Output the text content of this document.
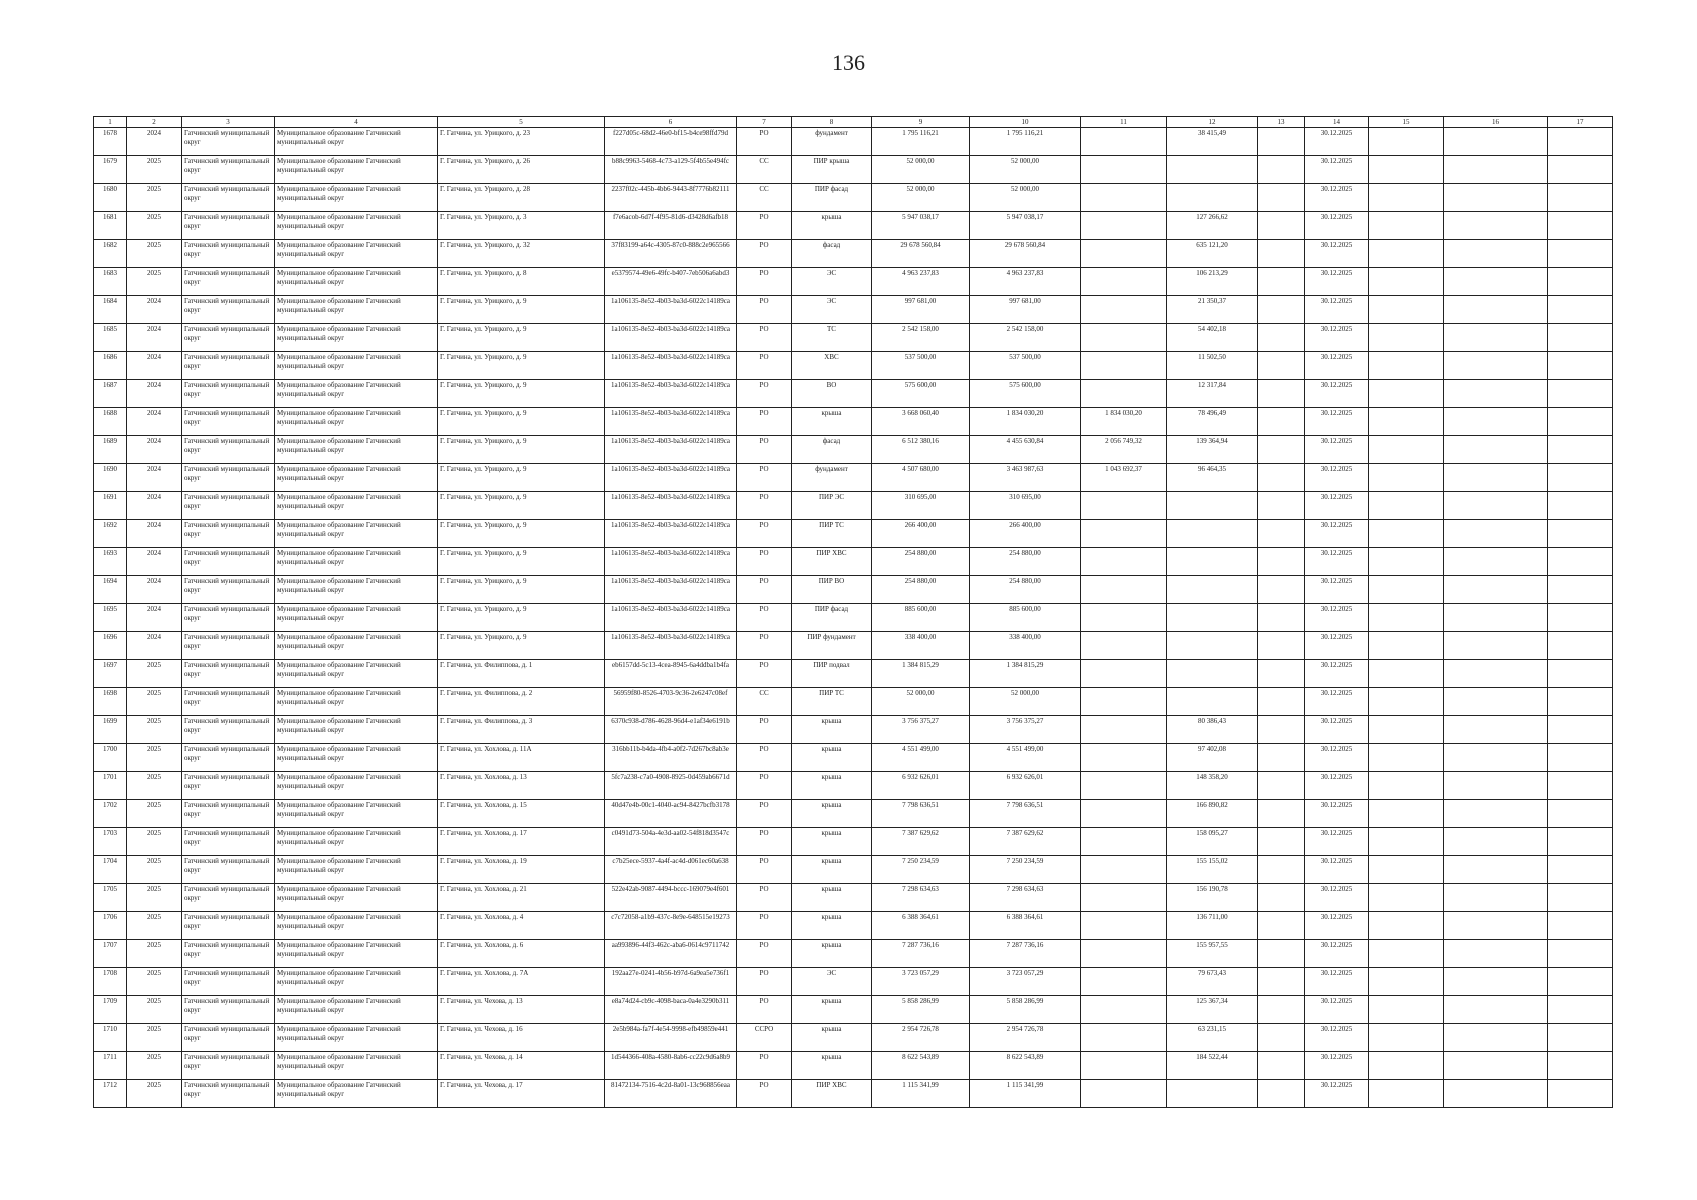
136
1	2	3	4	5	6	7	8	9	10	11	12	13	14	15	16	17
1678	2024	Гатчинский муниципальный округ	Муниципальное образование Гатчинский муниципальный округ	Г. Гатчина, ул. Урицкого, д. 23	f227d05c-68d2-46e0-bf15-b4ce98ffd79d	РО	фундамент	1 795 116,21	1 795 116,21		38 415,49		30.12.2025			
1679	2025	Гатчинский муниципальный округ	Муниципальное образование Гатчинский муниципальный округ	Г. Гатчина, ул. Урицкого, д. 26	b88c9963-5468-4c73-a129-5f4b55e494fc	СС	ПИР крыша	52 000,00	52 000,00				30.12.2025			
1680	2025	Гатчинский муниципальный округ	Муниципальное образование Гатчинский муниципальный округ	Г. Гатчина, ул. Урицкого, д. 28	2237f02c-445b-4bb6-9443-8f7776b82111	СС	ПИР фасад	52 000,00	52 000,00				30.12.2025			
1681	2025	Гатчинский муниципальный округ	Муниципальное образование Гатчинский муниципальный округ	Г. Гатчина, ул. Урицкого, д. 3	f7e6acob-6d7f-4f95-81d6-d3428d6afb18	РО	крыша	5 947 038,17	5 947 038,17		127 266,62		30.12.2025			
1682	2025	Гатчинский муниципальный округ	Муниципальное образование Гатчинский муниципальный округ	Г. Гатчина, ул. Урицкого, д. 32	37f83199-a64c-4305-87c0-888c2e965566	РО	фасад	29 678 560,84	29 678 560,84		635 121,20		30.12.2025			
1683	2025	Гатчинский муниципальный округ	Муниципальное образование Гатчинский муниципальный округ	Г. Гатчина, ул. Урицкого, д. 8	e5379574-49e6-49fc-b407-7eb506a6abd3	РО	ЭС	4 963 237,83	4 963 237,83		106 213,29		30.12.2025			
1684	2024	Гатчинский муниципальный округ	Муниципальное образование Гатчинский муниципальный округ	Г. Гатчина, ул. Урицкого, д. 9	1a106135-8e52-4b03-ba3d-6022c14189ca	РО	ЭС	997 681,00	997 681,00		21 350,37		30.12.2025			
1685	2024	Гатчинский муниципальный округ	Муниципальное образование Гатчинский муниципальный округ	Г. Гатчина, ул. Урицкого, д. 9	1a106135-8e52-4b03-ba3d-6022c14189ca	РО	ТС	2 542 158,00	2 542 158,00		54 402,18		30.12.2025			
1686	2024	Гатчинский муниципальный округ	Муниципальное образование Гатчинский муниципальный округ	Г. Гатчина, ул. Урицкого, д. 9	1a106135-8e52-4b03-ba3d-6022c14189ca	РО	ХВС	537 500,00	537 500,00		11 502,50		30.12.2025			
1687	2024	Гатчинский муниципальный округ	Муниципальное образование Гатчинский муниципальный округ	Г. Гатчина, ул. Урицкого, д. 9	1a106135-8e52-4b03-ba3d-6022c14189ca	РО	ВО	575 600,00	575 600,00		12 317,84		30.12.2025			
1688	2024	Гатчинский муниципальный округ	Муниципальное образование Гатчинский муниципальный округ	Г. Гатчина, ул. Урицкого, д. 9	1a106135-8e52-4b03-ba3d-6022c14189ca	РО	крыша	3 668 060,40	1 834 030,20	1 834 030,20	78 496,49		30.12.2025			
1689	2024	Гатчинский муниципальный округ	Муниципальное образование Гатчинский муниципальный округ	Г. Гатчина, ул. Урицкого, д. 9	1a106135-8e52-4b03-ba3d-6022c14189ca	РО	фасад	6 512 380,16	4 455 630,84	2 056 749,32	139 364,94		30.12.2025			
1690	2024	Гатчинский муниципальный округ	Муниципальное образование Гатчинский муниципальный округ	Г. Гатчина, ул. Урицкого, д. 9	1a106135-8e52-4b03-ba3d-6022c14189ca	РО	фундамент	4 507 680,00	3 463 987,63	1 043 692,37	96 464,35		30.12.2025			
1691	2024	Гатчинский муниципальный округ	Муниципальное образование Гатчинский муниципальный округ	Г. Гатчина, ул. Урицкого, д. 9	1a106135-8e52-4b03-ba3d-6022c14189ca	РО	ПИР ЭС	310 695,00	310 695,00				30.12.2025			
1692	2024	Гатчинский муниципальный округ	Муниципальное образование Гатчинский муниципальный округ	Г. Гатчина, ул. Урицкого, д. 9	1a106135-8e52-4b03-ba3d-6022c14189ca	РО	ПИР ТС	266 400,00	266 400,00				30.12.2025			
1693	2024	Гатчинский муниципальный округ	Муниципальное образование Гатчинский муниципальный округ	Г. Гатчина, ул. Урицкого, д. 9	1a106135-8e52-4b03-ba3d-6022c14189ca	РО	ПИР ХВС	254 880,00	254 880,00				30.12.2025			
1694	2024	Гатчинский муниципальный округ	Муниципальное образование Гатчинский муниципальный округ	Г. Гатчина, ул. Урицкого, д. 9	1a106135-8e52-4b03-ba3d-6022c14189ca	РО	ПИР ВО	254 880,00	254 880,00				30.12.2025			
1695	2024	Гатчинский муниципальный округ	Муниципальное образование Гатчинский муниципальный округ	Г. Гатчина, ул. Урицкого, д. 9	1a106135-8e52-4b03-ba3d-6022c14189ca	РО	ПИР фасад	885 600,00	885 600,00				30.12.2025			
1696	2024	Гатчинский муниципальный округ	Муниципальное образование Гатчинский муниципальный округ	Г. Гатчина, ул. Урицкого, д. 9	1a106135-8e52-4b03-ba3d-6022c14189ca	РО	ПИР фундамент	338 400,00	338 400,00				30.12.2025			
1697	2025	Гатчинский муниципальный округ	Муниципальное образование Гатчинский муниципальный округ	Г. Гатчина, ул. Филиппова, д. 1	eb6157dd-5c13-4cea-8945-6a4ddba1b4fa	РО	ПИР подвал	1 384 815,29	1 384 815,29				30.12.2025			
1698	2025	Гатчинский муниципальный округ	Муниципальное образование Гатчинский муниципальный округ	Г. Гатчина, ул. Филиппова, д. 2	56959f80-8526-4703-9c36-2e6247c08ef	СС	ПИР ТС	52 000,00	52 000,00				30.12.2025			
1699	2025	Гатчинский муниципальный округ	Муниципальное образование Гатчинский муниципальный округ	Г. Гатчина, ул. Филиппова, д. 3	6370c938-d786-4628-96d4-e1af34e6191b	РО	крыша	3 756 375,27	3 756 375,27		80 386,43		30.12.2025			
1700	2025	Гатчинский муниципальный округ	Муниципальное образование Гатчинский муниципальный округ	Г. Гатчина, ул. Хохлова, д. 11А	316bb11b-b4da-4fb4-a0f2-7d267bc8ab3e	РО	крыша	4 551 499,00	4 551 499,00		97 402,08		30.12.2025			
1701	2025	Гатчинский муниципальный округ	Муниципальное образование Гатчинский муниципальный округ	Г. Гатчина, ул. Хохлова, д. 13	5fc7a238-c7a0-4908-8925-0d459ab6671d	РО	крыша	6 932 626,01	6 932 626,01		148 358,20		30.12.2025			
1702	2025	Гатчинский муниципальный округ	Муниципальное образование Гатчинский муниципальный округ	Г. Гатчина, ул. Хохлова, д. 15	40d47e4b-00c1-4040-ac94-8427bcfb3178	РО	крыша	7 798 636,51	7 798 636,51		166 890,82		30.12.2025			
1703	2025	Гатчинский муниципальный округ	Муниципальное образование Гатчинский муниципальный округ	Г. Гатчина, ул. Хохлова, д. 17	c0491d73-504a-4e3d-aa02-54f818d3547c	РО	крыша	7 387 629,62	7 387 629,62		158 095,27		30.12.2025			
1704	2025	Гатчинский муниципальный округ	Муниципальное образование Гатчинский муниципальный округ	Г. Гатчина, ул. Хохлова, д. 19	c7b25ece-5937-4a4f-ac4d-d061ec60a638	РО	крыша	7 250 234,59	7 250 234,59		155 155,02		30.12.2025			
1705	2025	Гатчинский муниципальный округ	Муниципальное образование Гатчинский муниципальный округ	Г. Гатчина, ул. Хохлова, д. 21	522e42ab-9087-4494-bccc-169079e4f601	РО	крыша	7 298 634,63	7 298 634,63		156 190,78		30.12.2025			
1706	2025	Гатчинский муниципальный округ	Муниципальное образование Гатчинский муниципальный округ	Г. Гатчина, ул. Хохлова, д. 4	c7c72058-a1b9-437c-8e9e-648515e19273	РО	крыша	6 388 364,61	6 388 364,61		136 711,00		30.12.2025			
1707	2025	Гатчинский муниципальный округ	Муниципальное образование Гатчинский муниципальный округ	Г. Гатчина, ул. Хохлова, д. 6	aa993896-44f3-462c-aba6-0614c9711742	РО	крыша	7 287 736,16	7 287 736,16		155 957,55		30.12.2025			
1708	2025	Гатчинский муниципальный округ	Муниципальное образование Гатчинский муниципальный округ	Г. Гатчина, ул. Хохлова, д. 7А	192aa27e-0241-4b56-b97d-6a9ea5e736f1	РО	ЭС	3 723 057,29	3 723 057,29		79 673,43		30.12.2025			
1709	2025	Гатчинский муниципальный округ	Муниципальное образование Гатчинский муниципальный округ	Г. Гатчина, ул. Чехова, д. 13	e8a74d24-cb9c-4098-baca-0a4e3290b311	РО	крыша	5 858 286,99	5 858 286,99		125 367,34		30.12.2025			
1710	2025	Гатчинский муниципальный округ	Муниципальное образование Гатчинский муниципальный округ	Г. Гатчина, ул. Чехова, д. 16	2e5b984a-fa7f-4e54-9998-efb49859e441	ССРО	крыша	2 954 726,78	2 954 726,78		63 231,15		30.12.2025			
1711	2025	Гатчинский муниципальный округ	Муниципальное образование Гатчинский муниципальный округ	Г. Гатчина, ул. Чехова, д. 14	1d544366-408a-4580-8ab6-cc22c9d6a8b9	РО	крыша	8 622 543,89	8 622 543,89		184 522,44		30.12.2025			
1712	2025	Гатчинский муниципальный округ	Муниципальное образование Гатчинский муниципальный округ	Г. Гатчина, ул. Чехова, д. 17	81472134-7516-4c2d-8a01-13c968856eaa	РО	ПИР ХВС	1 115 341,99	1 115 341,99				30.12.2025			
